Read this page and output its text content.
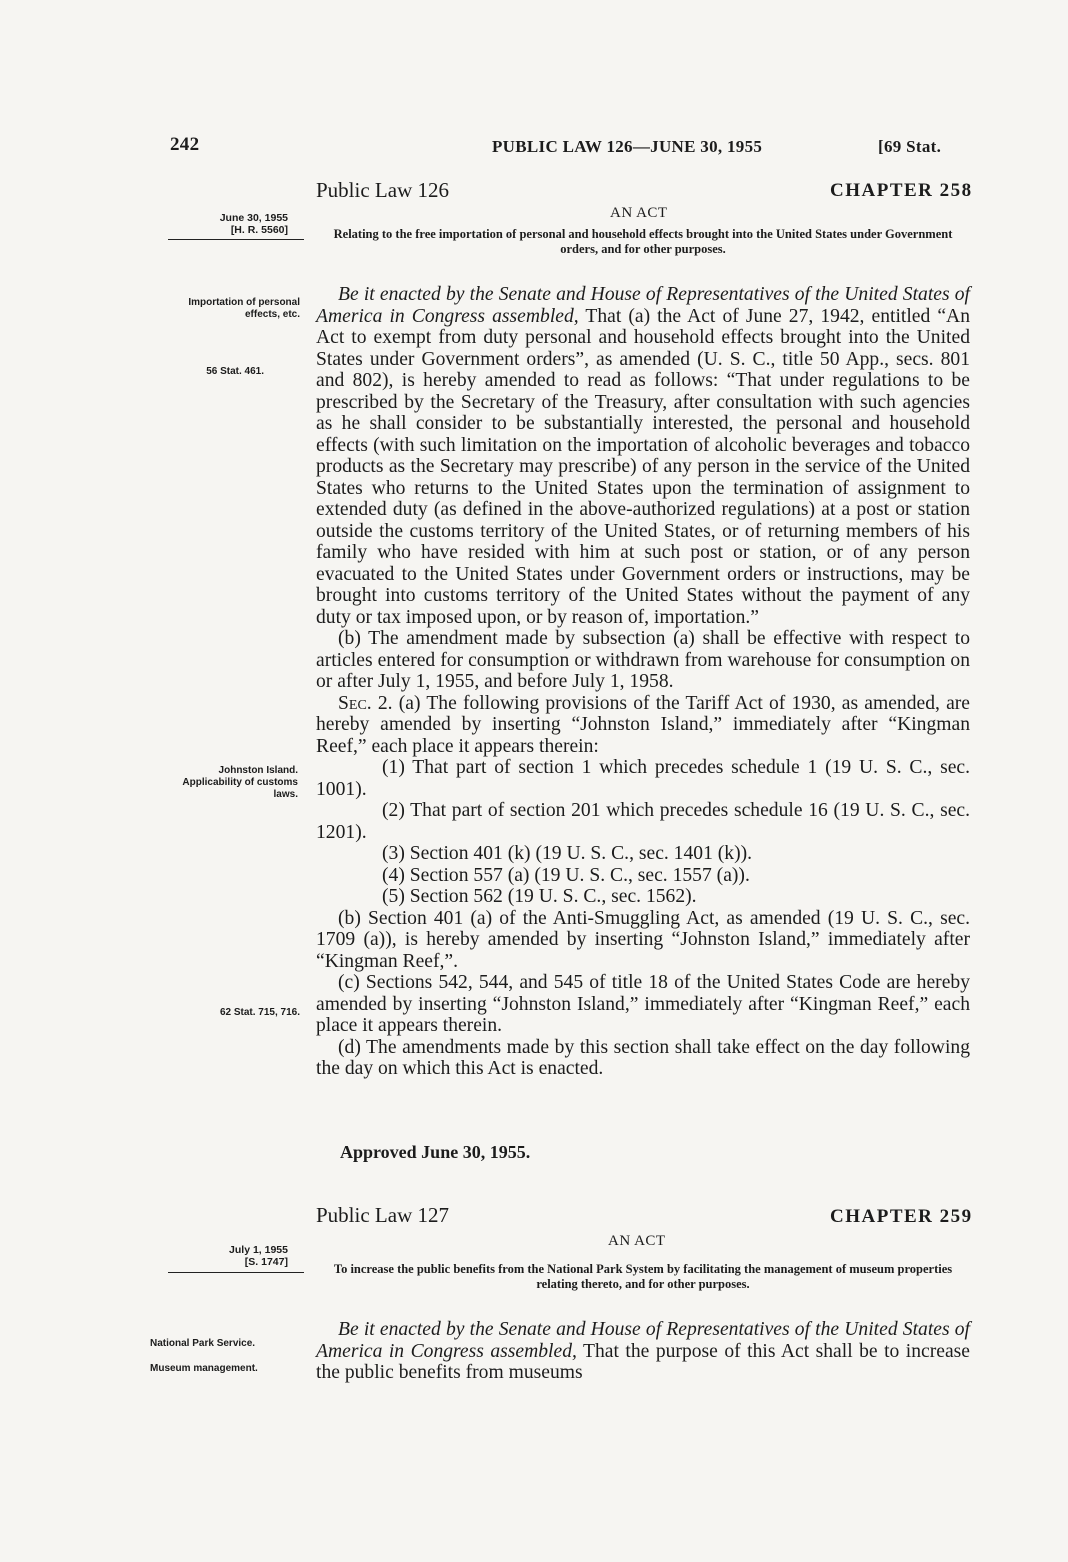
242	PUBLIC LAW 126—JUNE 30, 1955	[69 Stat.
Public Law 126	CHAPTER 258
AN ACT
June 30, 1955
[H. R. 5560]	Relating to the free importation of personal and household effects brought into the United States under Government orders, and for other purposes.
Importation of personal effects, etc.
56 Stat. 461.

Be it enacted by the Senate and House of Representatives of the United States of America in Congress assembled, That (a) the Act of June 27, 1942, entitled “An Act to exempt from duty personal and household effects brought into the United States under Government orders”, as amended (U. S. C., title 50 App., secs. 801 and 802), is hereby amended to read as follows: “That under regulations to be prescribed by the Secretary of the Treasury, after consultation with such agencies as he shall consider to be substantially interested, the personal and household effects (with such limitation on the importation of alcoholic beverages and tobacco products as the Secretary may prescribe) of any person in the service of the United States who returns to the United States upon the termination of assignment to extended duty (as defined in the above-authorized regulations) at a post or station outside the customs territory of the United States, or of returning members of his family who have resided with him at such post or station, or of any person evacuated to the United States under Government orders or instructions, may be brought into customs territory of the United States without the payment of any duty or tax imposed upon, or by reason of, importation.”

(b) The amendment made by subsection (a) shall be effective with respect to articles entered for consumption or withdrawn from warehouse for consumption on or after July 1, 1955, and before July 1, 1958.

Sec. 2. (a) The following provisions of the Tariff Act of 1930, as amended, are hereby amended by inserting “Johnston Island,” immediately after “Kingman Reef,” each place it appears therein:

(1) That part of section 1 which precedes schedule 1 (19 U. S. C., sec. 1001).

(2) That part of section 201 which precedes schedule 16 (19 U. S. C., sec. 1201).

(3) Section 401 (k) (19 U. S. C., sec. 1401 (k)).

(4) Section 557 (a) (19 U. S. C., sec. 1557 (a)).

(5) Section 562 (19 U. S. C., sec. 1562).

(b) Section 401 (a) of the Anti-Smuggling Act, as amended (19 U. S. C., sec. 1709 (a)), is hereby amended by inserting “Johnston Island,” immediately after “Kingman Reef,”.

(c) Sections 542, 544, and 545 of title 18 of the United States Code are hereby amended by inserting “Johnston Island,” immediately after “Kingman Reef,” each place it appears therein.

(d) The amendments made by this section shall take effect on the day following the day on which this Act is enacted.

Johnston Island. Applicability of customs laws.
62 Stat. 715, 716.
Approved June 30, 1955.
Public Law 127	CHAPTER 259
AN ACT
July 1, 1955
[S. 1747]	To increase the public benefits from the National Park System by facilitating the management of museum properties relating thereto, and for other purposes.
National Park Service.
Museum management.

Be it enacted by the Senate and House of Representatives of the United States of America in Congress assembled, That the purpose of this Act shall be to increase the public benefits from museums
